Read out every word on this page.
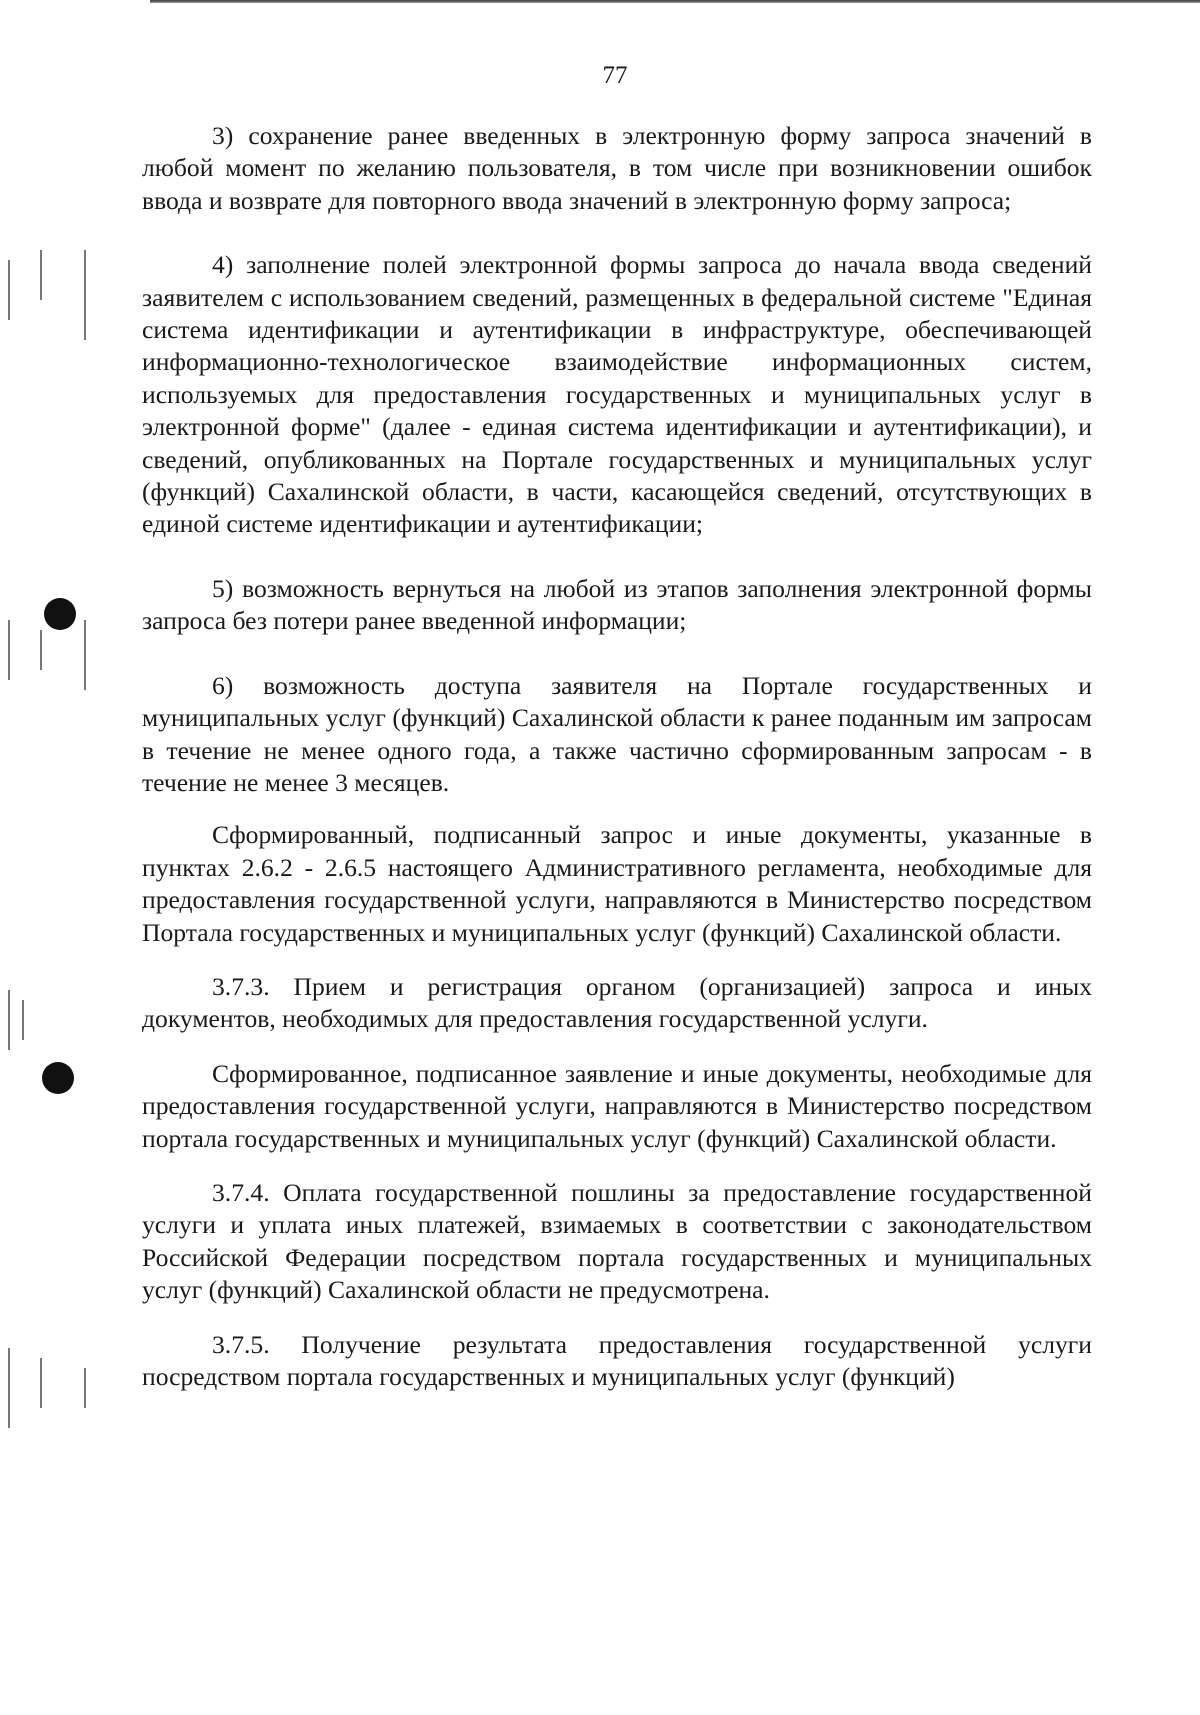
77

3) сохранение ранее введенных в электронную форму запроса значений в любой момент по желанию пользователя, в том числе при возникновении ошибок ввода и возврате для повторного ввода значений в электронную форму запроса;

4) заполнение полей электронной формы запроса до начала ввода сведений заявителем с использованием сведений, размещенных в федеральной системе "Единая система идентификации и аутентификации в инфраструктуре, обеспечивающей информационно-технологическое взаимодействие информационных систем, используемых для предоставления государственных и муниципальных услуг в электронной форме" (далее - единая система идентификации и аутентификации), и сведений, опубликованных на Портале государственных и муниципальных услуг (функций) Сахалинской области, в части, касающейся сведений, отсутствующих в единой системе идентификации и аутентификации;

5) возможность вернуться на любой из этапов заполнения электронной формы запроса без потери ранее введенной информации;

6) возможность доступа заявителя на Портале государственных и муниципальных услуг (функций) Сахалинской области к ранее поданным им запросам в течение не менее одного года, а также частично сформированным запросам - в течение не менее 3 месяцев.

Сформированный, подписанный запрос и иные документы, указанные в пунктах 2.6.2 - 2.6.5 настоящего Административного регламента, необходимые для предоставления государственной услуги, направляются в Министерство посредством Портала государственных и муниципальных услуг (функций) Сахалинской области.

3.7.3. Прием и регистрация органом (организацией) запроса и иных документов, необходимых для предоставления государственной услуги.

Сформированное, подписанное заявление и иные документы, необходимые для предоставления государственной услуги, направляются в Министерство посредством портала государственных и муниципальных услуг (функций) Сахалинской области.

3.7.4. Оплата государственной пошлины за предоставление государственной услуги и уплата иных платежей, взимаемых в соответствии с законодательством Российской Федерации посредством портала государственных и муниципальных услуг (функций) Сахалинской области не предусмотрена.

3.7.5. Получение результата предоставления государственной услуги посредством портала государственных и муниципальных услуг (функций)
